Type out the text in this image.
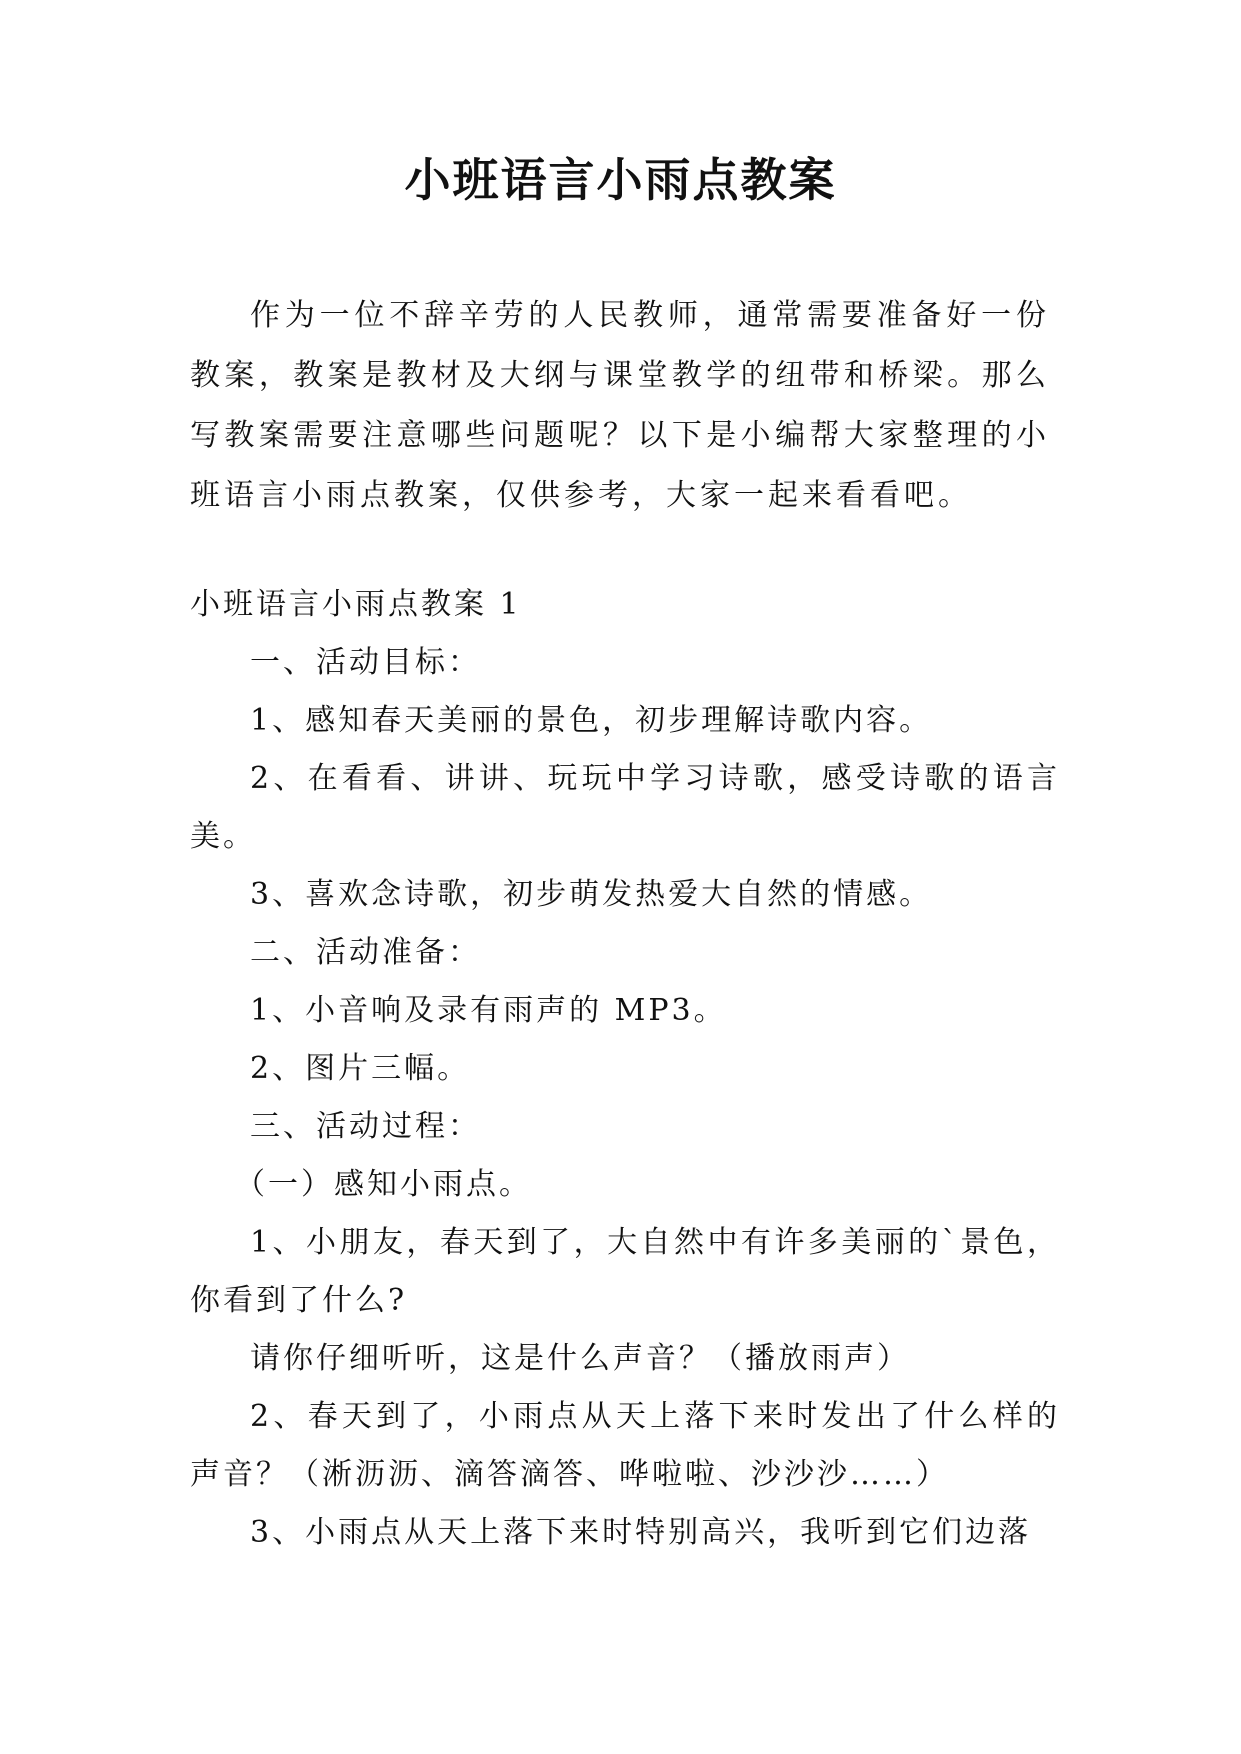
小班语言小雨点教案
作为一位不辞辛劳的人民教师，通常需要准备好一份教案，教案是教材及大纲与课堂教学的纽带和桥梁。那么写教案需要注意哪些问题呢？以下是小编帮大家整理的小班语言小雨点教案，仅供参考，大家一起来看看吧。

小班语言小雨点教案 1

一、活动目标：

1、感知春天美丽的景色，初步理解诗歌内容。

2、在看看、讲讲、玩玩中学习诗歌，感受诗歌的语言美。

3、喜欢念诗歌，初步萌发热爱大自然的情感。

二、活动准备：

1、小音响及录有雨声的 MP3。

2、图片三幅。

三、活动过程：

（一）感知小雨点。

1、小朋友，春天到了，大自然中有许多美丽的`景色，你看到了什么?

请你仔细听听，这是什么声音？（播放雨声）

2、春天到了，小雨点从天上落下来时发出了什么样的声音？（淅沥沥、滴答滴答、哗啦啦、沙沙沙……）

3、小雨点从天上落下来时特别高兴，我听到它们边落
